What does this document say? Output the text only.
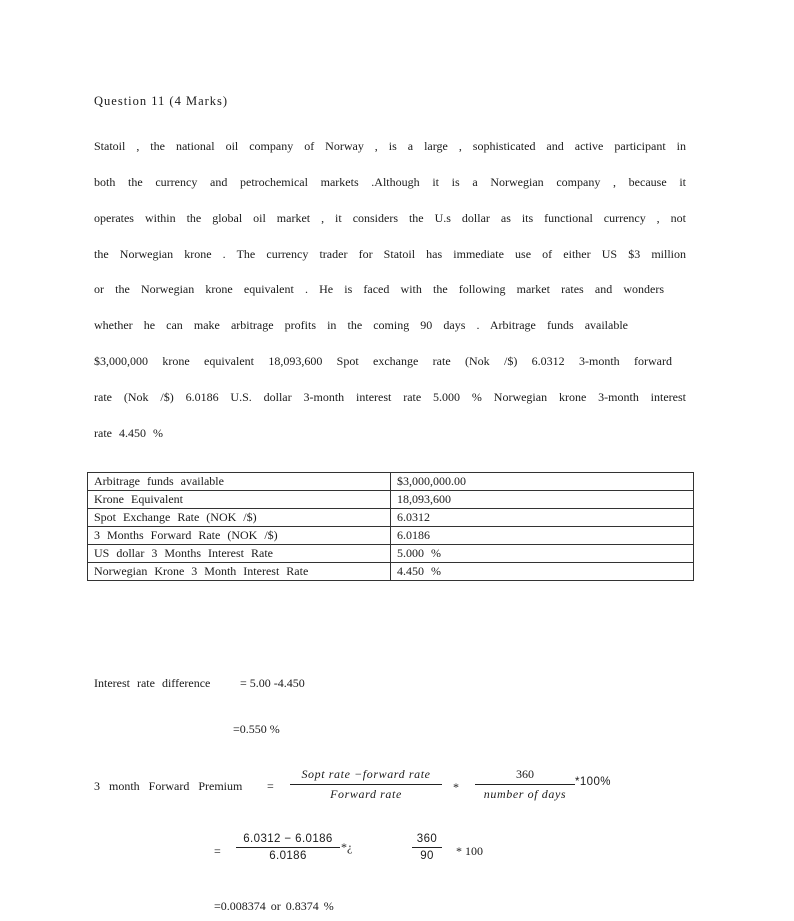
Question 11 (4 Marks)
Statoil , the national oil company of Norway , is a large , sophisticated and active participant in
both the currency and petrochemical markets .Although it is a Norwegian company , because it
operates within the global oil market , it considers the U.s dollar as its functional currency , not
the Norwegian krone . The currency trader for Statoil has immediate use of either US $3 million
or the Norwegian krone equivalent . He is faced with the following market rates and wonders
whether he can make arbitrage profits in the coming 90 days . Arbitrage funds available
$3,000,000 krone equivalent 18,093,600 Spot exchange rate (Nok /$) 6.0312 3-month forward
rate (Nok /$) 6.0186 U.S. dollar 3-month interest rate 5.000 % Norwegian krone 3-month interest
rate 4.450 %
Arbitrage funds available	$3,000,000.00
Krone Equivalent	18,093,600
Spot Exchange Rate (NOK /$)	6.0312
3 Months Forward Rate (NOK /$)	6.0186
US dollar 3 Months Interest Rate	5.000 %
Norwegian Krone 3 Month Interest Rate	4.450 %
Interest rate difference = 5.00 -4.450
=0.550 %
3 month Forward Premium =
Sopt rate −forward rate
Forward rate	*
360
number of days
*100%
=
6.0312 − 6.0186
6.0186
*¿
360
90	* 100
=0.008374 or 0.8374 %
